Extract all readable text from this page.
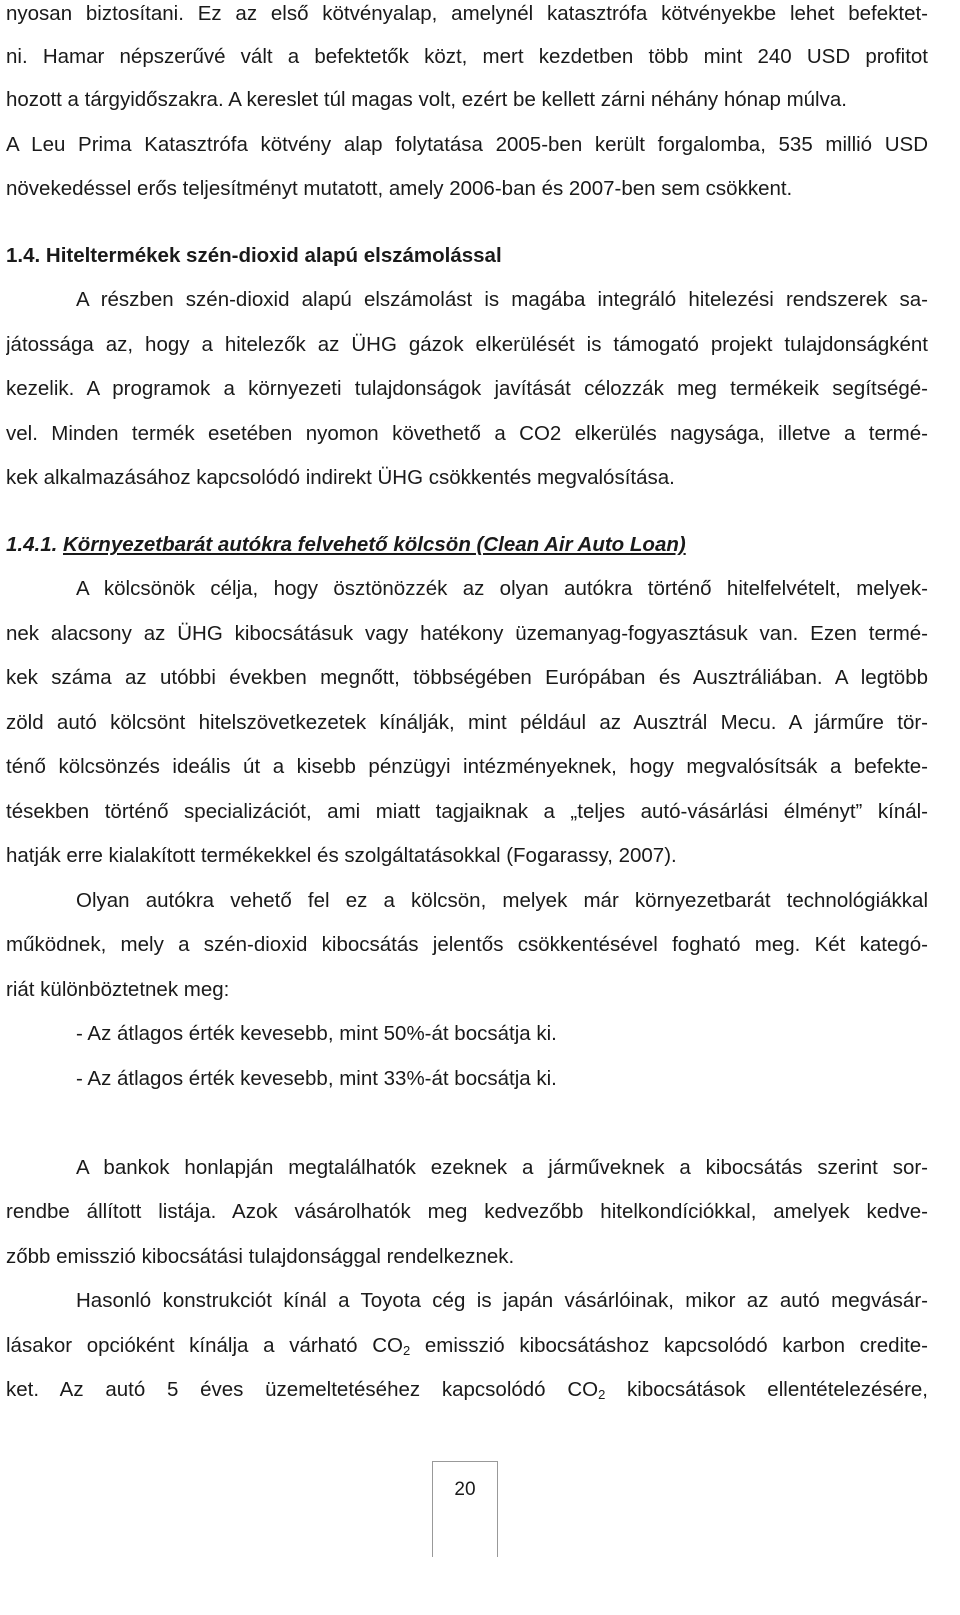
nyosan biztosítani. Ez az első kötvényalap, amelynél katasztrófa kötvényekbe lehet befektet-
ni. Hamar népszerűvé vált a befektetők közt, mert kezdetben több mint 240 USD profitot
hozott a tárgyidőszakra. A kereslet túl magas volt, ezért be kellett zárni néhány hónap múlva.
A Leu Prima Katasztrófa kötvény alap folytatása 2005-ben került forgalomba, 535 millió USD
növekedéssel erős teljesítményt mutatott, amely 2006-ban és 2007-ben sem csökkent.
1.4. Hiteltermékek szén-dioxid alapú elszámolással
A részben szén-dioxid alapú elszámolást is magába integráló hitelezési rendszerek sa-
játossága az, hogy a hitelezők az ÜHG gázok elkerülését is támogató projekt tulajdonságként
kezelik. A programok a környezeti tulajdonságok javítását célozzák meg termékeik segítségé-
vel. Minden termék esetében nyomon követhető a CO2 elkerülés nagysága, illetve a termé-
kek alkalmazásához kapcsolódó indirekt ÜHG csökkentés megvalósítása.
1.4.1. Környezetbarát autókra felvehető kölcsön (Clean Air Auto Loan)
A kölcsönök célja, hogy ösztönözzék az olyan autókra történő hitelfelvételt, melyek-
nek alacsony az ÜHG kibocsátásuk vagy hatékony üzemanyag-fogyasztásuk van. Ezen termé-
kek száma az utóbbi években megnőtt, többségében Európában és Ausztráliában. A legtöbb
zöld autó kölcsönt hitelszövetkezetek kínálják, mint például az Ausztrál Mecu. A járműre tör-
ténő kölcsönzés ideális út a kisebb pénzügyi intézményeknek, hogy megvalósítsák a befekte-
tésekben történő specializációt, ami miatt tagjaiknak a „teljes autó-vásárlási élményt” kínál-
hatják erre kialakított termékekkel és szolgáltatásokkal (Fogarassy, 2007).
Olyan autókra vehető fel ez a kölcsön, melyek már környezetbarát technológiákkal
működnek, mely a szén-dioxid kibocsátás jelentős csökkentésével fogható meg. Két kategó-
riát különböztetnek meg:
- Az átlagos érték kevesebb, mint 50%-át bocsátja ki.
- Az átlagos érték kevesebb, mint 33%-át bocsátja ki.
A bankok honlapján megtalálhatók ezeknek a járműveknek a kibocsátás szerint sor-
rendbe állított listája. Azok vásárolhatók meg kedvezőbb hitelkondíciókkal, amelyek kedve-
zőbb emisszió kibocsátási tulajdonsággal rendelkeznek.
Hasonló konstrukciót kínál a Toyota cég is japán vásárlóinak, mikor az autó megvásár-
lásakor opcióként kínálja a várható $CO_2$ emisszió kibocsátáshoz kapcsolódó karbon credite-
ket. Az autó 5 éves üzemeltetéséhez kapcsolódó $CO_2$ kibocsátások ellentételezésére,
20
